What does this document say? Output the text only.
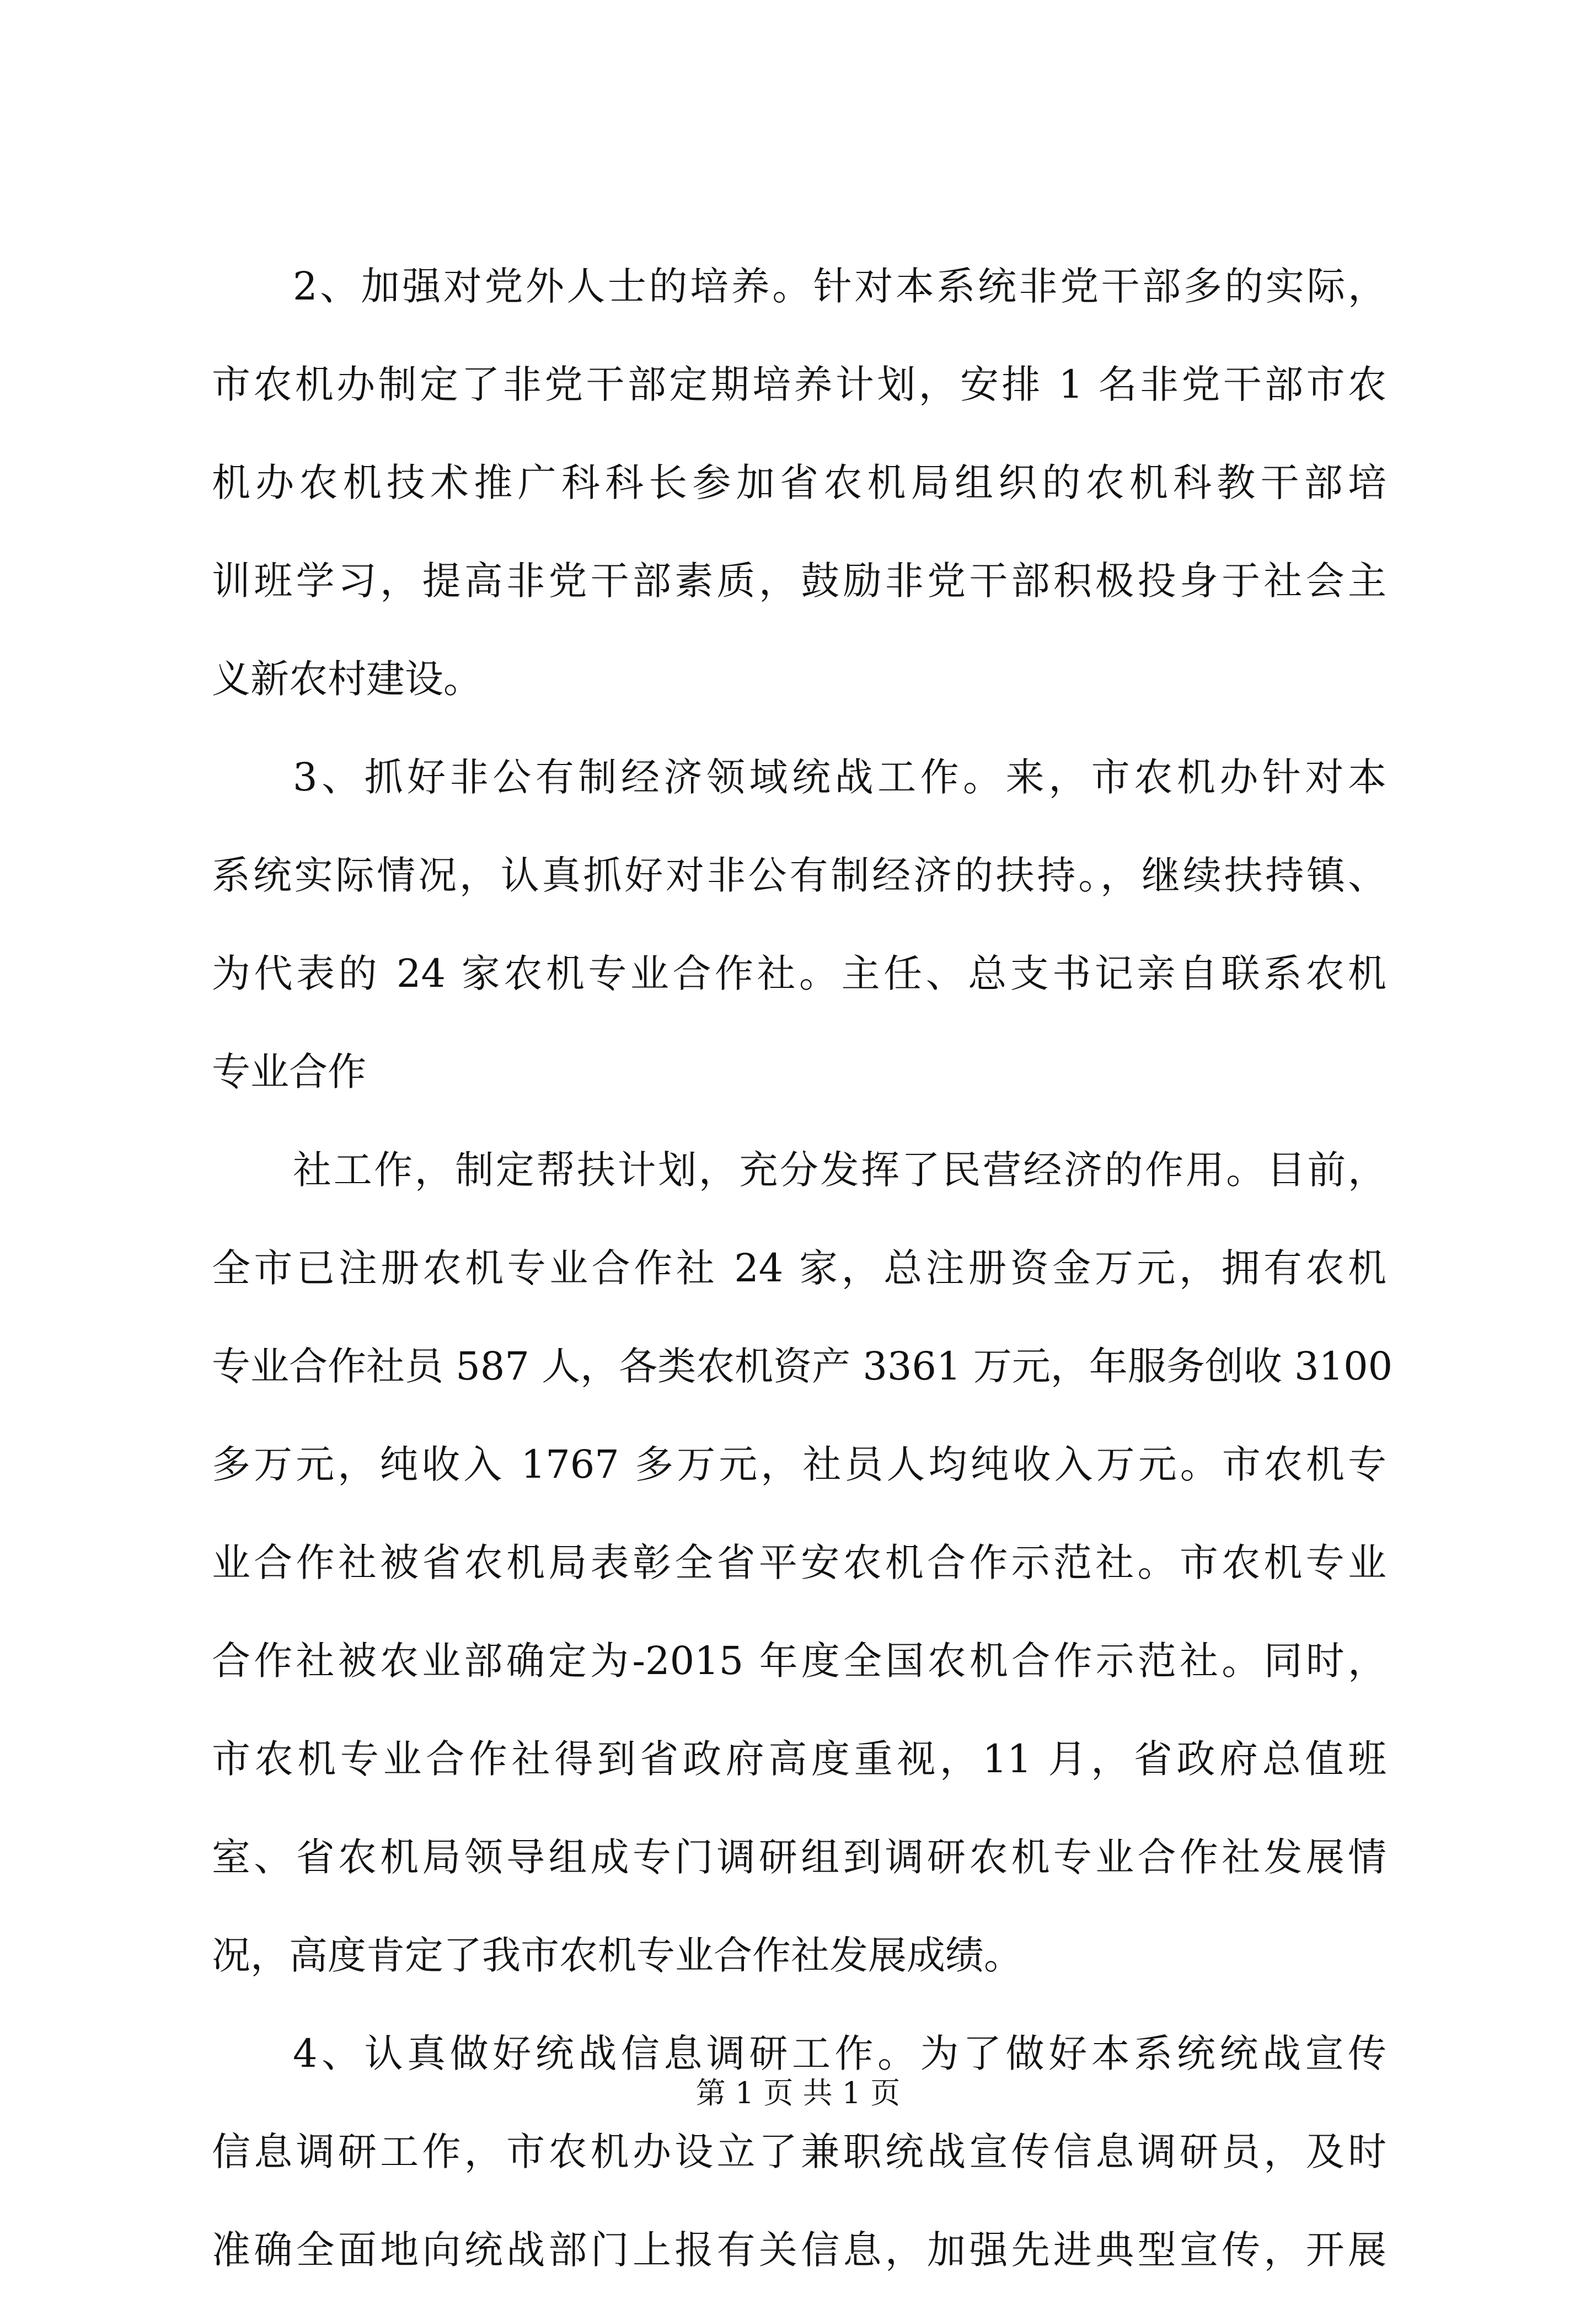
2、加强对党外人士的培养。针对本系统非党干部多的实际，
市农机办制定了非党干部定期培养计划，安排 1 名非党干部市农
机办农机技术推广科科长参加省农机局组织的农机科教干部培
训班学习，提高非党干部素质，鼓励非党干部积极投身于社会主
义新农村建设。
3、抓好非公有制经济领域统战工作。来，市农机办针对本
系统实际情况，认真抓好对非公有制经济的扶持。，继续扶持镇、
为代表的 24 家农机专业合作社。主任、总支书记亲自联系农机
专业合作
社工作，制定帮扶计划，充分发挥了民营经济的作用。目前，
全市已注册农机专业合作社 24 家，总注册资金万元，拥有农机
专业合作社员 587 人，各类农机资产 3361 万元，年服务创收 3100
多万元，纯收入 1767 多万元，社员人均纯收入万元。市农机专
业合作社被省农机局表彰全省平安农机合作示范社。市农机专业
合作社被农业部确定为-2015 年度全国农机合作示范社。同时，
市农机专业合作社得到省政府高度重视，11 月，省政府总值班
室、省农机局领导组成专门调研组到调研农机专业合作社发展情
况，高度肯定了我市农机专业合作社发展成绩。
4、认真做好统战信息调研工作。为了做好本系统统战宣传
信息调研工作，市农机办设立了兼职统战宣传信息调研员，及时
准确全面地向统战部门上报有关信息，加强先进典型宣传，开展
第 1 页 共 1 页
